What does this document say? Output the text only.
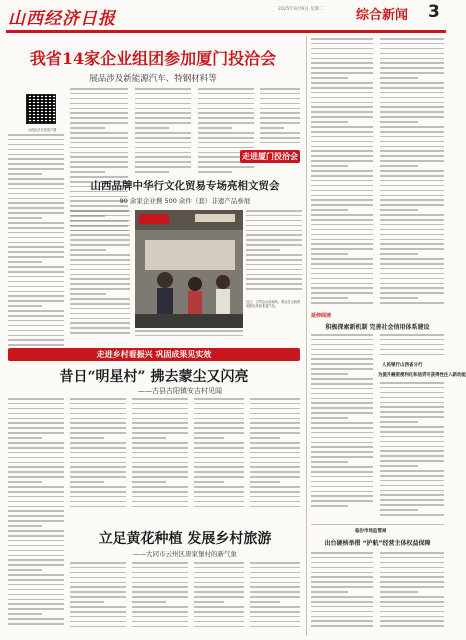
山西经济日报	2025年9月9日 星期二 综合新闻 3
我省14家企业组团参加厦门投洽会
展品涉及新能源汽车、特钢材料等
山西经济日报客户端
走进厦门投洽会
山西品牌中华行文化贸易专场亮相文贸会
90 余家企业携 500 余件（套）非遗产品参展
近日，文贸会山西现场，观众在山西馆前排队体验非遗产品。
走进乡村看振兴 巩固成果见实效
昔日“明星村” 拂去蒙尘又闪亮
——古县古阳镇安吉村见闻
立足黄花种植 发展乡村旅游
——大同市云州区唐家堡村的新气象
延伸阅读
积极探索新机制 完善社会信用体系建设
人民银行山西省分行
为提升融资便利化和信贷可获得性注入新动能
临汾市场监管局
出台硬核举措 “护航”经营主体权益保障
